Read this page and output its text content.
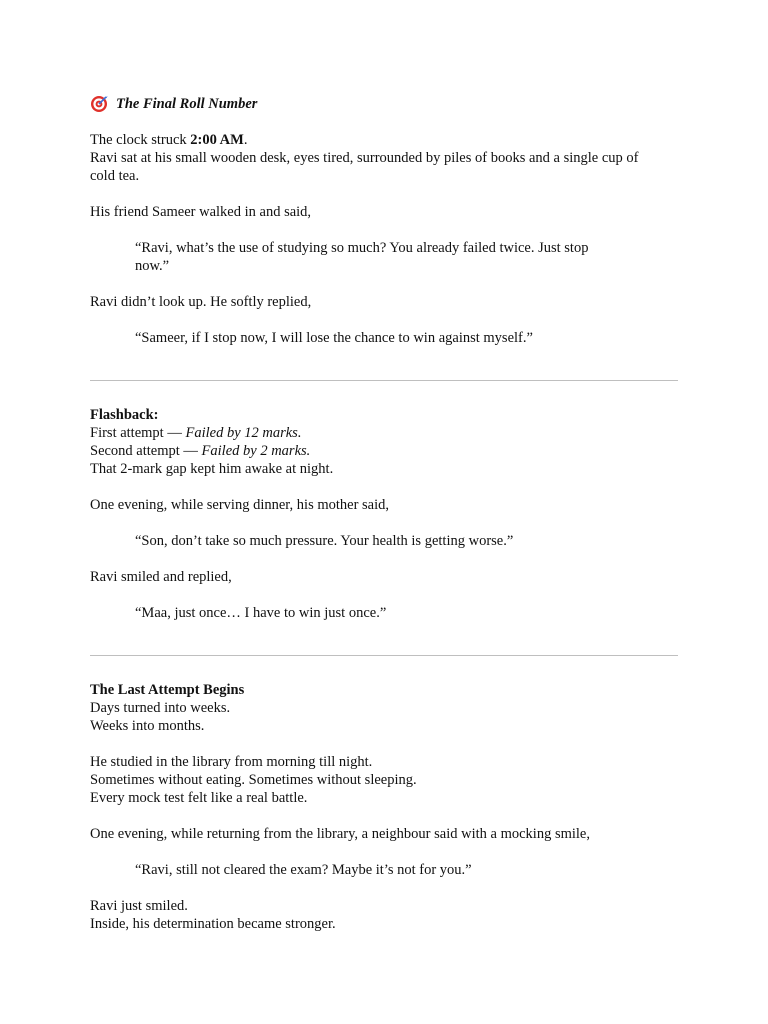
The Final Roll Number

The clock struck 2:00 AM.

Ravi sat at his small wooden desk, eyes tired, surrounded by piles of books and a single cup of

cold tea.

His friend Sameer walked in and said,

“Ravi, what’s the use of studying so much? You already failed twice. Just stop

now.”

Ravi didn’t look up. He softly replied,

“Sameer, if I stop now, I will lose the chance to win against myself.”

Flashback:

First attempt — Failed by 12 marks.

Second attempt — Failed by 2 marks.

That 2-mark gap kept him awake at night.

One evening, while serving dinner, his mother said,

“Son, don’t take so much pressure. Your health is getting worse.”

Ravi smiled and replied,

“Maa, just once… I have to win just once.”

The Last Attempt Begins

Days turned into weeks.

Weeks into months.

He studied in the library from morning till night.

Sometimes without eating. Sometimes without sleeping.

Every mock test felt like a real battle.

One evening, while returning from the library, a neighbour said with a mocking smile,

“Ravi, still not cleared the exam? Maybe it’s not for you.”

Ravi just smiled.

Inside, his determination became stronger.
